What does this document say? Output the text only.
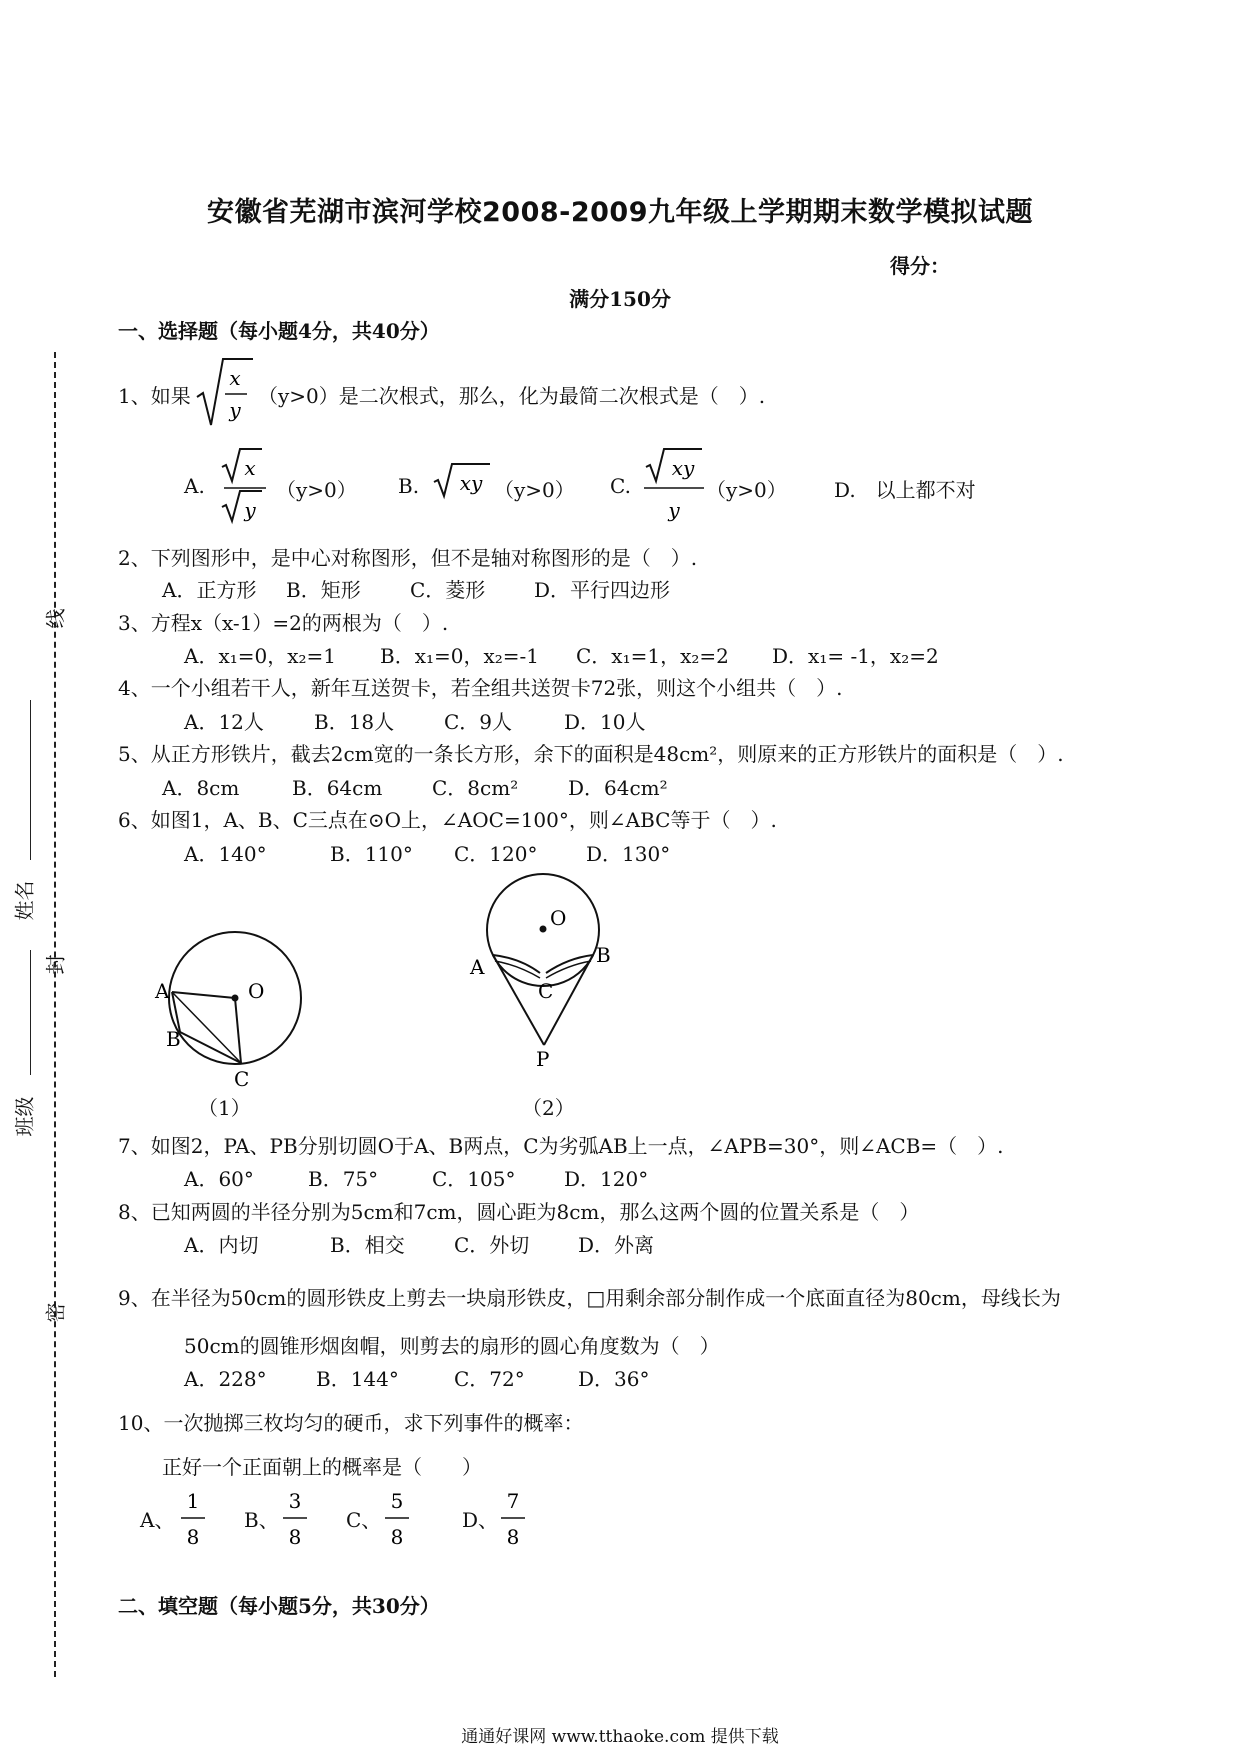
线
封
密
姓名
班级
安徽省芜湖市滨河学校2008-2009九年级上学期期末数学模拟试题
得分：
满分150分
一、选择题（每小题4分，共40分）
1、如果
x
y
（y>0）是二次根式，那么，化为最简二次根式是（　）.
A.
x
y
（y>0） B. xy （y>0） C.
xy
y
（y>0） D.　以上都不对
2、下列图形中，是中心对称图形，但不是轴对称图形的是（　）.
A．正方形 B．矩形 C．菱形 D．平行四边形
3、方程x（x-1）=2的两根为（　）.
A．x₁=0，x₂=1 B．x₁=0，x₂=-1 C．x₁=1，x₂=2 D．x₁= -1，x₂=2
4、一个小组若干人，新年互送贺卡，若全组共送贺卡72张，则这个小组共（　）.
A．12人	B．18人 C．9人	D．10人
5、从正方形铁片，截去2cm宽的一条长方形，余下的面积是48cm²，则原来的正方形铁片的面积是（　）.
A．8cm	B．64cm C．8cm² D．64cm²
6、如图1，A、B、C三点在⊙O上，∠AOC=100°，则∠ABC等于（　）.
A．140°	B．110° C．120° D．130°
A	O
B
C
（1）
O
A	B
C
P
（2）
7、如图2，PA、PB分别切圆O于A、B两点，C为劣弧AB上一点，∠APB=30°，则∠ACB=（　）.
A．60°	B．75°	C．105° D．120°
8、已知两圆的半径分别为5cm和7cm，圆心距为8cm，那么这两个圆的位置关系是（　）
A．内切	B．相交 C．外切 D．外离
9、在半径为50cm的圆形铁皮上剪去一块扇形铁皮，□用剩余部分制作成一个底面直径为80cm，母线长为
50cm的圆锥形烟囱帽，则剪去的扇形的圆心角度数为（　）
A．228° B．144°	C．72°	D．36°
10、一次抛掷三枚均匀的硬币，求下列事件的概率：
正好一个正面朝上的概率是（　　）
A、
1
8
B、
3
8
C、
5
8
D、
7
8
二、填空题（每小题5分，共30分）
通通好课网 www.tthaoke.com 提供下载
